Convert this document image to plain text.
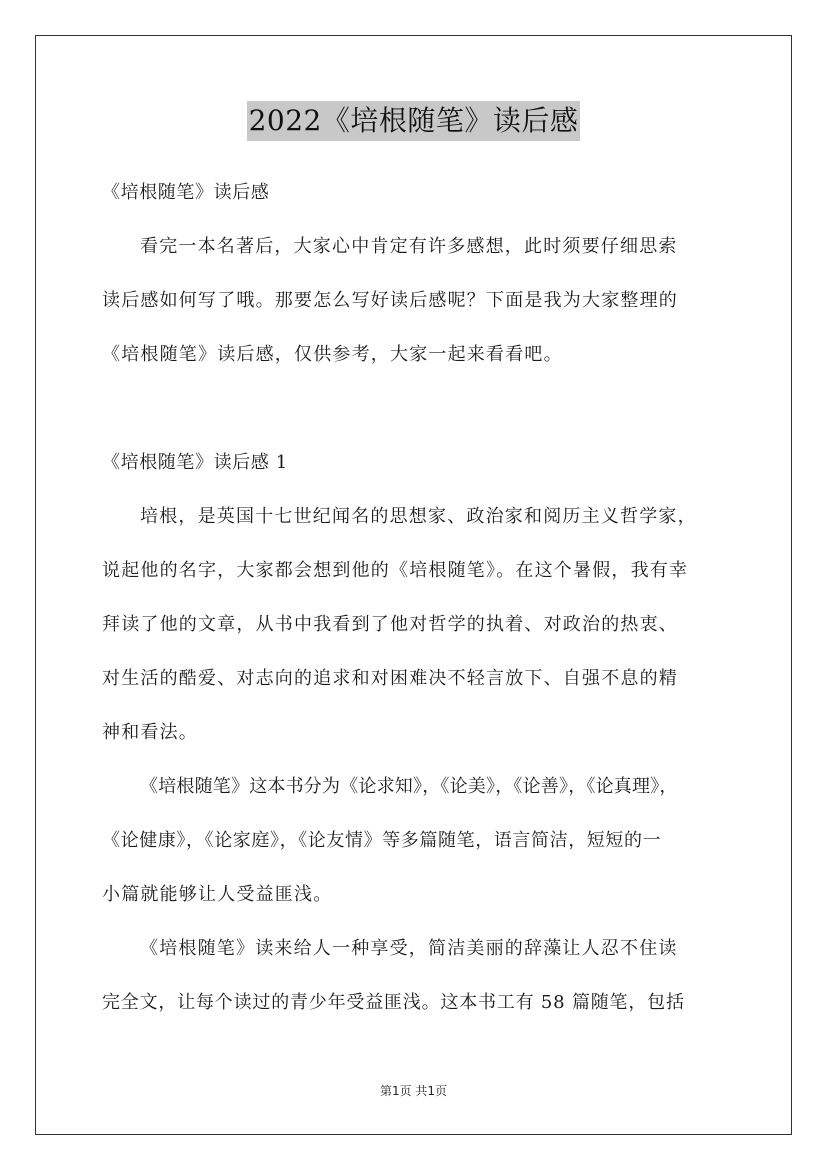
2022《培根随笔》读后感
《培根随笔》读后感
看完一本名著后，大家心中肯定有许多感想，此时须要仔细思索
读后感如何写了哦。那要怎么写好读后感呢？下面是我为大家整理的
《培根随笔》读后感，仅供参考，大家一起来看看吧。
《培根随笔》读后感 1
培根，是英国十七世纪闻名的思想家、政治家和阅历主义哲学家，
说起他的名字，大家都会想到他的《培根随笔》。在这个暑假，我有幸
拜读了他的文章，从书中我看到了他对哲学的执着、对政治的热衷、
对生活的酷爱、对志向的追求和对困难决不轻言放下、自强不息的精
神和看法。
《培根随笔》这本书分为《论求知》，《论美》，《论善》，《论真理》，
《论健康》，《论家庭》，《论友情》等多篇随笔，语言简洁，短短的一
小篇就能够让人受益匪浅。
《培根随笔》读来给人一种享受，简洁美丽的辞藻让人忍不住读
完全文，让每个读过的青少年受益匪浅。这本书工有 58 篇随笔，包括
第1页 共1页
